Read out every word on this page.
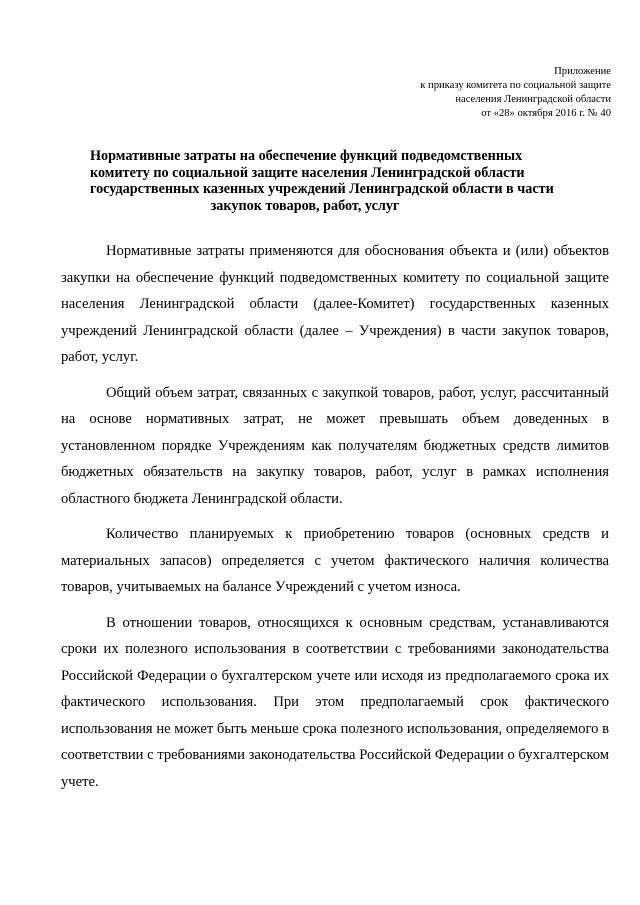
Приложение
к приказу комитета по социальной защите
населения Ленинградской области
от «28» октября 2016 г. № 40
Нормативные затраты на обеспечение функций подведомственных
комитету по социальной защите населения Ленинградской области
государственных казенных учреждений Ленинградской области в части
закупок товаров, работ, услуг

Нормативные затраты применяются для обоснования объекта и (или) объектов закупки на обеспечение функций подведомственных комитету по социальной защите населения Ленинградской области (далее-Комитет) государственных казенных учреждений Ленинградской области (далее – Учреждения) в части закупок товаров, работ, услуг.

Общий объем затрат, связанных с закупкой товаров, работ, услуг, рассчитанный на основе нормативных затрат, не может превышать объем доведенных в установленном порядке Учреждениям как получателям бюджетных средств лимитов бюджетных обязательств на закупку товаров, работ, услуг в рамках исполнения областного бюджета Ленинградской области.

Количество планируемых к приобретению товаров (основных средств и материальных запасов) определяется с учетом фактического наличия количества товаров, учитываемых на балансе Учреждений с учетом износа.

В отношении товаров, относящихся к основным средствам, устанавливаются сроки их полезного использования в соответствии с требованиями законодательства Российской Федерации о бухгалтерском учете или исходя из предполагаемого срока их фактического использования. При этом предполагаемый срок фактического использования не может быть меньше срока полезного использования, определяемого в соответствии с требованиями законодательства Российской Федерации о бухгалтерском учете.
